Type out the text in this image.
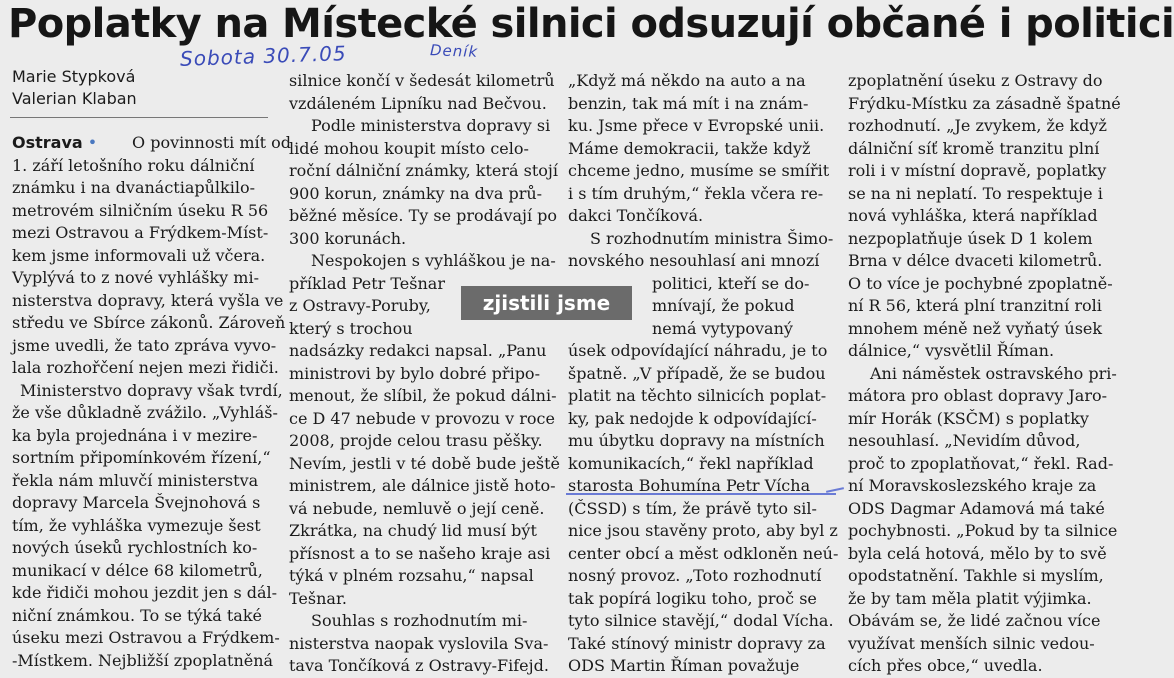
Poplatky na Místecké silnici odsuzují občané i politici
Sobota 30.7.05	Deník
Marie Stypková
Valerian Klaban
zjistili jsme
Ostrava •	O povinnosti mít od
1. září letošního roku dálniční
známku i na dvanáctiapůlkilo-
metrovém silničním úseku R 56
mezi Ostravou a Frýdkem-Míst-
kem jsme informovali už včera.
Vyplývá to z nové vyhlášky mi-
nisterstva dopravy, která vyšla ve
středu ve Sbírce zákonů. Zároveň
jsme uvedli, že tato zpráva vyvo-
lala rozhořčení nejen mezi řidiči.
Ministerstvo dopravy však tvrdí,
že vše důkladně zvážilo. „Vyhláš-
ka byla projednána i v mezire-
sortním připomínkovém řízení,“
řekla nám mluvčí ministerstva
dopravy Marcela Švejnohová s
tím, že vyhláška vymezuje šest
nových úseků rychlostních ko-
munikací v délce 68 kilometrů,
kde řidiči mohou jezdit jen s dál-
niční známkou. To se týká také
úseku mezi Ostravou a Frýdkem-
-Místkem. Nejbližší zpoplatněná
silnice končí v šedesát kilometrů
vzdáleném Lipníku nad Bečvou.
Podle ministerstva dopravy si
lidé mohou koupit místo celo-
roční dálniční známky, která stojí
900 korun, známky na dva prů-
běžné měsíce. Ty se prodávají po
300 korunách.
Nespokojen s vyhláškou je na-
příklad Petr Tešnar
z Ostravy-Poruby,
který s trochou
nadsázky redakci napsal. „Panu
ministrovi by bylo dobré připo-
menout, že slíbil, že pokud dálni-
ce D 47 nebude v provozu v roce
2008, projde celou trasu pěšky.
Nevím, jestli v té době bude ještě
ministrem, ale dálnice jistě hoto-
vá nebude, nemluvě o její ceně.
Zkrátka, na chudý lid musí být
přísnost a to se našeho kraje asi
týká v plném rozsahu,“ napsal
Tešnar.
Souhlas s rozhodnutím mi-
nisterstva naopak vyslovila Sva-
tava Tončíková z Ostravy-Fifejd.
„Když má někdo na auto a na
benzin, tak má mít i na znám-
ku. Jsme přece v Evropské unii.
Máme demokracii, takže když
chceme jedno, musíme se smířit
i s tím druhým,“ řekla včera re-
dakci Tončíková.
S rozhodnutím ministra Šimo-
novského nesouhlasí ani mnozí
politici, kteří se do-
mnívají, že pokud
nemá vytypovaný
úsek odpovídající náhradu, je to
špatně. „V případě, že se budou
platit na těchto silnicích poplat-
ky, pak nedojde k odpovídající-
mu úbytku dopravy na místních
komunikacích,“ řekl například
starosta Bohumína Petr Vícha
(ČSSD) s tím, že právě tyto sil-
nice jsou stavěny proto, aby byl z
center obcí a měst odkloněn neú-
nosný provoz. „Toto rozhodnutí
tak popírá logiku toho, proč se
tyto silnice stavějí,“ dodal Vícha.
Také stínový ministr dopravy za
ODS Martin Říman považuje
zpoplatnění úseku z Ostravy do
Frýdku-Místku za zásadně špatné
rozhodnutí. „Je zvykem, že když
dálniční síť kromě tranzitu plní
roli i v místní dopravě, poplatky
se na ni neplatí. To respektuje i
nová vyhláška, která například
nezpoplatňuje úsek D 1 kolem
Brna v délce dvaceti kilometrů.
O to více je pochybné zpoplatně-
ní R 56, která plní tranzitní roli
mnohem méně než vyňatý úsek
dálnice,“ vysvětlil Říman.
Ani náměstek ostravského pri-
mátora pro oblast dopravy Jaro-
mír Horák (KSČM) s poplatky
nesouhlasí. „Nevidím důvod,
proč to zpoplatňovat,“ řekl. Rad-
ní Moravskoslezského kraje za
ODS Dagmar Adamová má také
pochybnosti. „Pokud by ta silnice
byla celá hotová, mělo by to svě
opodstatnění. Takhle si myslím,
že by tam měla platit výjimka.
Obávám se, že lidé začnou více
využívat menších silnic vedou-
cích přes obce,“ uvedla.
